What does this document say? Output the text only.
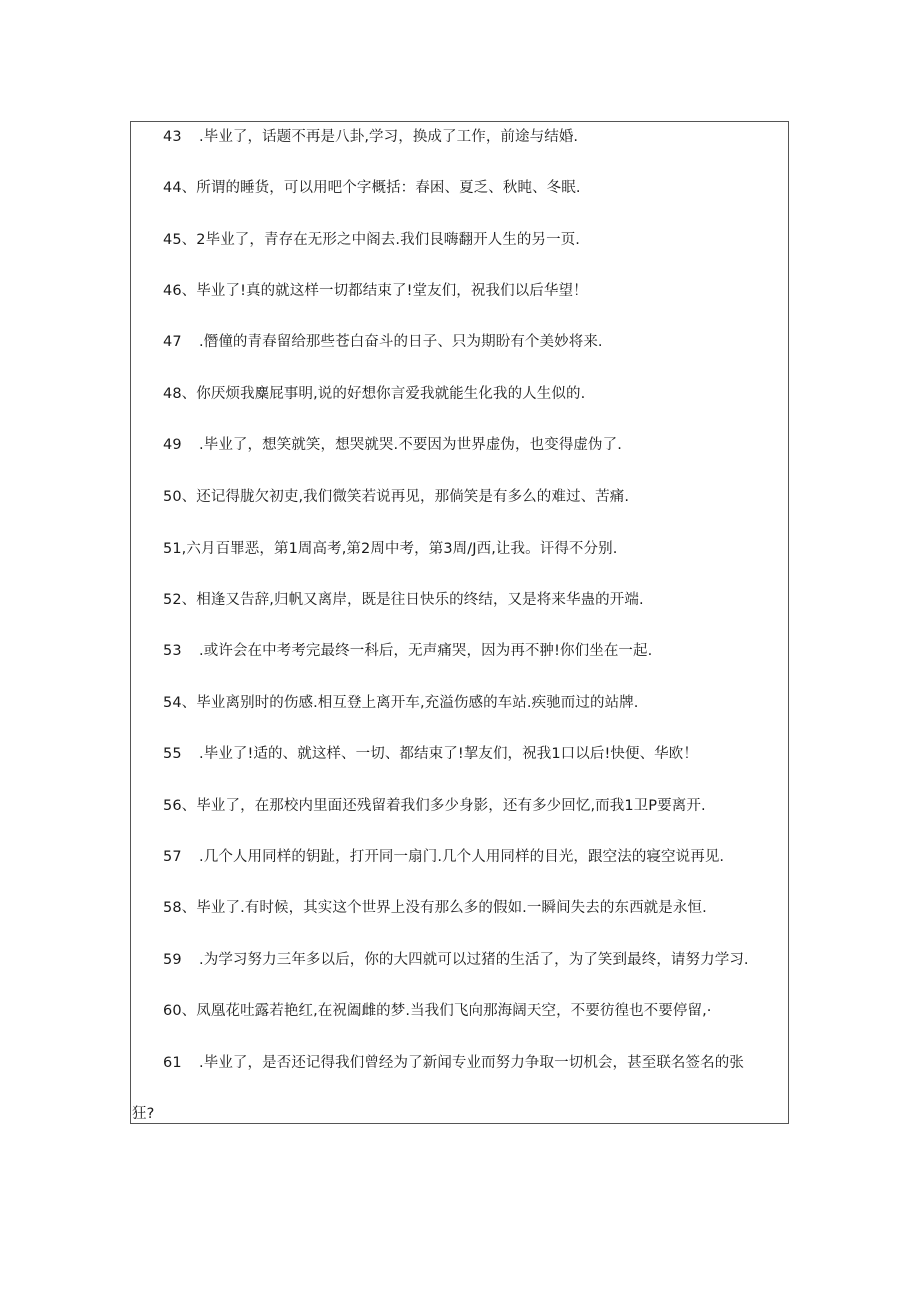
43 .毕业了，话题不再是八卦,学习，换成了工作，前途与结婚.
44、所谓的睡货，可以用吧个字概括：春困、夏乏、秋盹、冬眠.
45、2毕业了，青存在无形之中阁去.我们艮嗨翻开人生的另一页.
46、毕业了!真的就这样一切都结束了!堂友们，祝我们以后华望！
47 .僭僮的青春留给那些苍白奋斗的日子、只为期盼有个美妙将来.
48、你厌烦我麋屁事明,说的好想你言爱我就能生化我的人生似的.
49 .毕业了，想笑就笑，想哭就哭.不要因为世界虚伪，也变得虚伪了.
50、还记得胧欠初吏,我们微笑若说再见，那倘笑是有多么的难过、苦痛.
51,六月百罪恶，第1周高考,第2周中考，第3周/J西,让我。讦得不分别.
52、相逢又告辞,归帆又离岸，既是往日快乐的终结，又是将来华蛊的开端.
53 .或许会在中考考完最终一科后，无声痛哭，因为再不翀!你们坐在一起.
54、毕业离别时的伤感.相互登上离开车,充溢伤感的车站.疾驰而过的站牌.
55 .毕业了!适的、就这样、一切、都结束了!挈友们，祝我1口以后!快便、华欧！
56、毕业了，在那校内里面还残留着我们多少身影，还有多少回忆,而我1卫P要离开.
57 .几个人用同样的钥趾，打开同一扇门.几个人用同样的目光，跟空法的寝空说再见.
58、毕业了.有时候，其实这个世界上没有那么多的假如.一瞬间失去的东西就是永恒.
59 .为学习努力三年多以后，你的大四就可以过猪的生活了，为了笑到最终，请努力学习.
60、凤凰花吐露若艳红,在祝阖雌的梦.当我们飞向那海阔天空，不要彷徨也不要停留,·
61 .毕业了，是否还记得我们曾经为了新闻专业而努力争取一切机会，甚至联名签名的张
狂?
